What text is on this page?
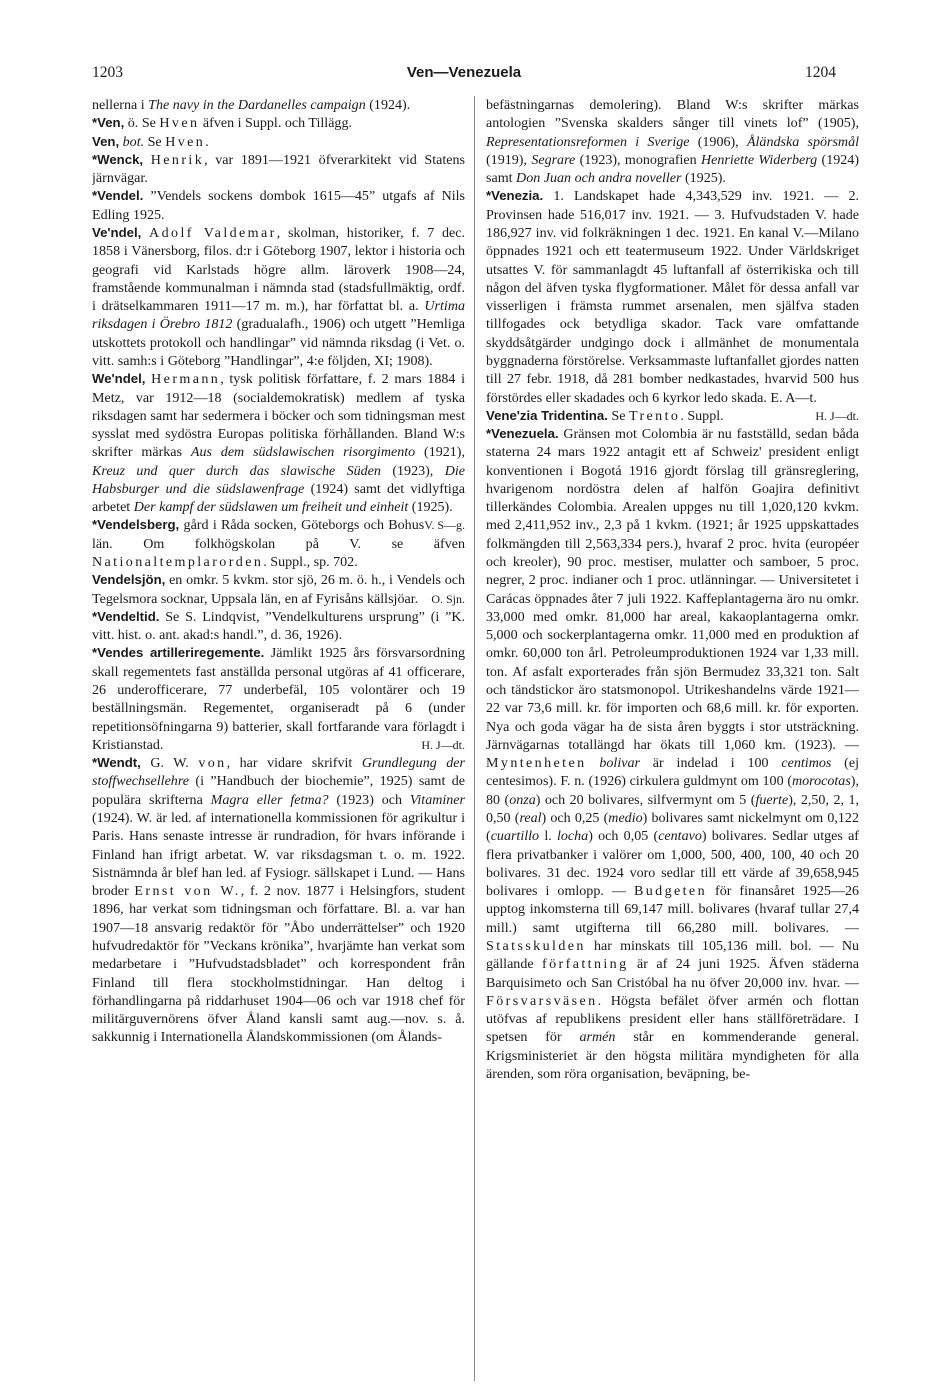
1203	Ven—Venezuela	1204

nellerna i The navy in the Dardanelles campaign (1924).

*Ven, ö. Se Hven äfven i Suppl. och Tillägg.

Ven, bot. Se Hven.

*Wenck, Henrik, var 1891—1921 öfverarkitekt vid Statens järnvägar.

*Vendel. ”Vendels sockens dombok 1615—45” utgafs af Nils Edling 1925.

Ve'ndel, Adolf Valdemar, skolman, historiker, f. 7 dec. 1858 i Vänersborg, filos. d:r i Göteborg 1907, lektor i historia och geografi vid Karlstads högre allm. läroverk 1908—24, framstående kommunalman i nämnda stad (stadsfullmäktig, ordf. i drätselkammaren 1911—17 m. m.), har författat bl. a. Urtima riksdagen i Örebro 1812 (gradualafh., 1906) och utgett ”Hemliga utskottets protokoll och handlingar” vid nämnda riksdag (i Vet. o. vitt. samh:s i Göteborg ”Handlingar”, 4:e följden, XI; 1908).

We'ndel, Hermann, tysk politisk författare, f. 2 mars 1884 i Metz, var 1912—18 (socialdemokratisk) medlem af tyska riksdagen samt har sedermera i böcker och som tidningsman mest sysslat med sydöstra Europas politiska förhållanden. Bland W:s skrifter märkas Aus dem südslawischen risorgimento (1921), Kreuz und quer durch das slawische Süden (1923), Die Habsburger und die südslawenfrage (1924) samt det vidlyftiga arbetet Der kampf der südslawen um freiheit und einheit (1925).
V. S—g.

*Vendelsberg, gård i Råda socken, Göteborgs och Bohus län. Om folkhögskolan på V. se äfven Nationaltemplarorden. Suppl., sp. 702.

Vendelsjön, en omkr. 5 kvkm. stor sjö, 26 m. ö. h., i Vendels och Tegelsmora socknar, Uppsala län, en af Fyrisåns källsjöar. O. Sjn.

*Vendeltid. Se S. Lindqvist, ”Vendelkulturens ursprung” (i ”K. vitt. hist. o. ant. akad:s handl.”, d. 36, 1926).

*Vendes artilleriregemente. Jämlikt 1925 års försvarsordning skall regementets fast anställda personal utgöras af 41 officerare, 26 underofficerare, 77 underbefäl, 105 volontärer och 19 beställningsmän. Regementet, organiseradt på 6 (under repetitionsöfningarna 9) batterier, skall fortfarande vara förlagdt i Kristianstad.	H. J—dt.

*Wendt, G. W. von, har vidare skrifvit Grundlegung der stoffwechsellehre (i ”Handbuch der biochemie”, 1925) samt de populära skrifterna Magra eller fetma? (1923) och Vitaminer (1924). W. är led. af internationella kommissionen för agrikultur i Paris. Hans senaste intresse är rundradion, för hvars införande i Finland han ifrigt arbetat. W. var riksdagsman t. o. m. 1922. Sistnämnda år blef han led. af Fysiogr. sällskapet i Lund. — Hans broder Ernst von W., f. 2 nov. 1877 i Helsingfors, student 1896, har verkat som tidningsman och författare. Bl. a. var han 1907—18 ansvarig redaktör för ”Åbo underrättelser” och 1920 hufvudredaktör för ”Veckans krönika”, hvarjämte han verkat som medarbetare i ”Hufvudstadsbladet” och korrespondent från Finland till flera stockholmstidningar. Han deltog i förhandlingarna på riddarhuset 1904—06 och var 1918 chef för militärguvernörens öfver Åland kansli samt aug.—nov. s. å. sakkunnig i Internationella Ålandskommissionen (om Ålands-

befästningarnas demolering). Bland W:s skrifter märkas antologien ”Svenska skalders sånger till vinets lof” (1905), Representationsreformen i Sverige (1906), Åländska spörsmål (1919), Segrare (1923), monografien Henriette Widerberg (1924) samt Don Juan och andra noveller (1925).

*Venezia. 1. Landskapet hade 4,343,529 inv. 1921. — 2. Provinsen hade 516,017 inv. 1921. — 3. Hufvudstaden V. hade 186,927 inv. vid folkräkningen 1 dec. 1921. En kanal V.—Milano öppnades 1921 och ett teatermuseum 1922. Under Världskriget utsattes V. för sammanlagdt 45 luftanfall af österrikiska och till någon del äfven tyska flygformationer. Målet för dessa anfall var visserligen i främsta rummet arsenalen, men själfva staden tillfogades ock betydliga skador. Tack vare omfattande skyddsåtgärder undgingo dock i allmänhet de monumentala byggnaderna förstörelse. Verksammaste luftanfallet gjordes natten till 27 febr. 1918, då 281 bomber nedkastades, hvarvid 500 hus förstördes eller skadades och 6 kyrkor ledo skada. E. A—t.
H. J—dt.

Vene'zia Tridentina. Se Trento. Suppl.

*Venezuela. Gränsen mot Colombia är nu fastställd, sedan båda staterna 24 mars 1922 antagit ett af Schweiz' president enligt konventionen i Bogotá 1916 gjordt förslag till gränsreglering, hvarigenom nordöstra delen af halfön Goajira definitivt tillerkändes Colombia. Arealen uppges nu till 1,020,120 kvkm. med 2,411,952 inv., 2,3 på 1 kvkm. (1921; år 1925 uppskattades folkmängden till 2,563,334 pers.), hvaraf 2 proc. hvita (européer och kreoler), 90 proc. mestiser, mulatter och samboer, 5 proc. negrer, 2 proc. indianer och 1 proc. utlänningar. — Universitetet i Carácas öppnades åter 7 juli 1922. Kaffeplantagerna äro nu omkr. 33,000 med omkr. 81,000 har areal, kakaoplantagerna omkr. 5,000 och sockerplantagerna omkr. 11,000 med en produktion af omkr. 60,000 ton årl. Petroleumproduktionen 1924 var 1,33 mill. ton. Af asfalt exporterades från sjön Bermudez 33,321 ton. Salt och tändstickor äro statsmonopol. Utrikeshandelns värde 1921—22 var 73,6 mill. kr. för importen och 68,6 mill. kr. för exporten. Nya och goda vägar ha de sista åren byggts i stor utsträckning. Järnvägarnas totallängd har ökats till 1,060 km. (1923). — Myntenheten bolivar är indelad i 100 centimos (ej centesimos). F. n. (1926) cirkulera guldmynt om 100 (morocotas), 80 (onza) och 20 bolivares, silfvermynt om 5 (fuerte), 2,50, 2, 1, 0,50 (real) och 0,25 (medio) bolivares samt nickelmynt om 0,122 (cuartillo l. locha) och 0,05 (centavo) bolivares. Sedlar utges af flera privatbanker i valörer om 1,000, 500, 400, 100, 40 och 20 bolivares. 31 dec. 1924 voro sedlar till ett värde af 39,658,945 bolivares i omlopp. — Budgeten för finansåret 1925—26 upptog inkomsterna till 69,147 mill. bolivares (hvaraf tullar 27,4 mill.) samt utgifterna till 66,280 mill. bolivares. — Statsskulden har minskats till 105,136 mill. bol. — Nu gällande författning är af 24 juni 1925. Äfven städerna Barquisimeto och San Cristóbal ha nu öfver 20,000 inv. hvar. — Försvarsväsen. Högsta befälet öfver armén och flottan utöfvas af republikens president eller hans ställföreträdare. I spetsen för armén står en kommenderande general. Krigsministeriet är den högsta militära myndigheten för alla ärenden, som röra organisation, beväpning, be-
